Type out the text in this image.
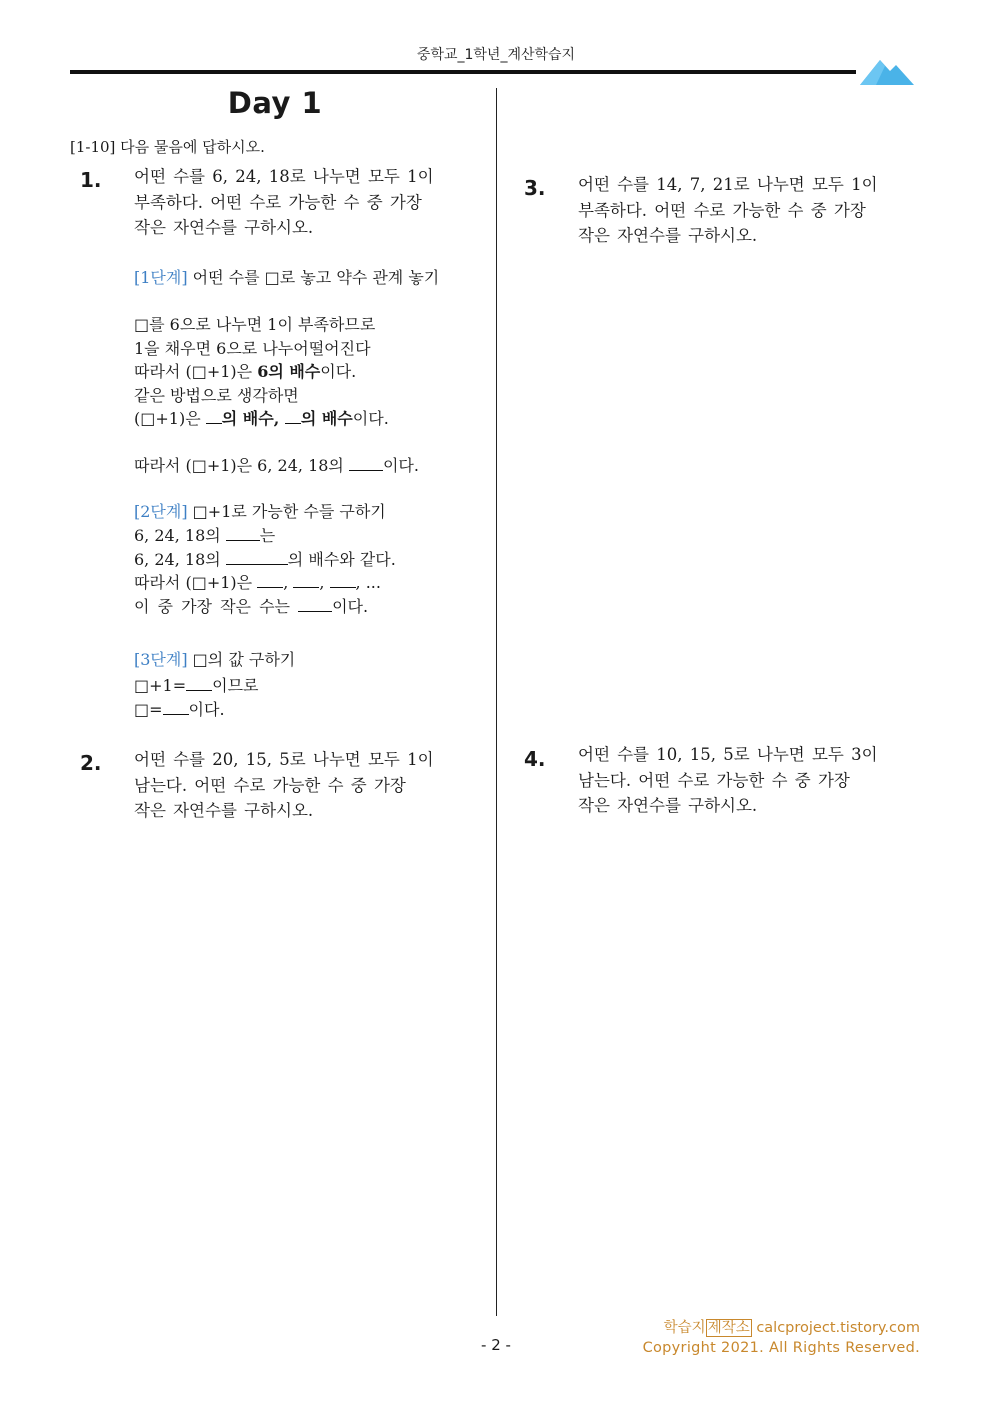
중학교_1학년_계산학습지
Day 1
[1-10] 다음 물음에 답하시오.
1. 어떤 수를 6, 24, 18로 나누면 모두 1이
부족하다. 어떤 수로 가능한 수 중 가장
작은 자연수를 구하시오.
[1단계] 어떤 수를 □로 놓고 약수 관계 놓기
□를 6으로 나누면 1이 부족하므로
1을 채우면 6으로 나누어떨어진다
따라서 (□+1)은 6의 배수이다.
같은 방법으로 생각하면
(□+1)은 의 배수, 의 배수이다.
따라서 (□+1)은 6, 24, 18의 이다.
[2단계] □+1로 가능한 수들 구하기
6, 24, 18의 는
6, 24, 18의	의 배수와 같다.
따라서 (□+1)은 , , , ...
이 중 가장 작은 수는 이다.
[3단계] □의 값 구하기
□+1= 이므로
□= 이다.
2. 어떤 수를 20, 15, 5로 나누면 모두 1이
남는다. 어떤 수로 가능한 수 중 가장
작은 자연수를 구하시오.
3. 어떤 수를 14, 7, 21로 나누면 모두 1이
부족하다. 어떤 수로 가능한 수 중 가장
작은 자연수를 구하시오.
4. 어떤 수를 10, 15, 5로 나누면 모두 3이
남는다. 어떤 수로 가능한 수 중 가장
작은 자연수를 구하시오.
- 2 -
학습지 제작소 calcproject.tistory.com
Copyright 2021. All Rights Reserved.
